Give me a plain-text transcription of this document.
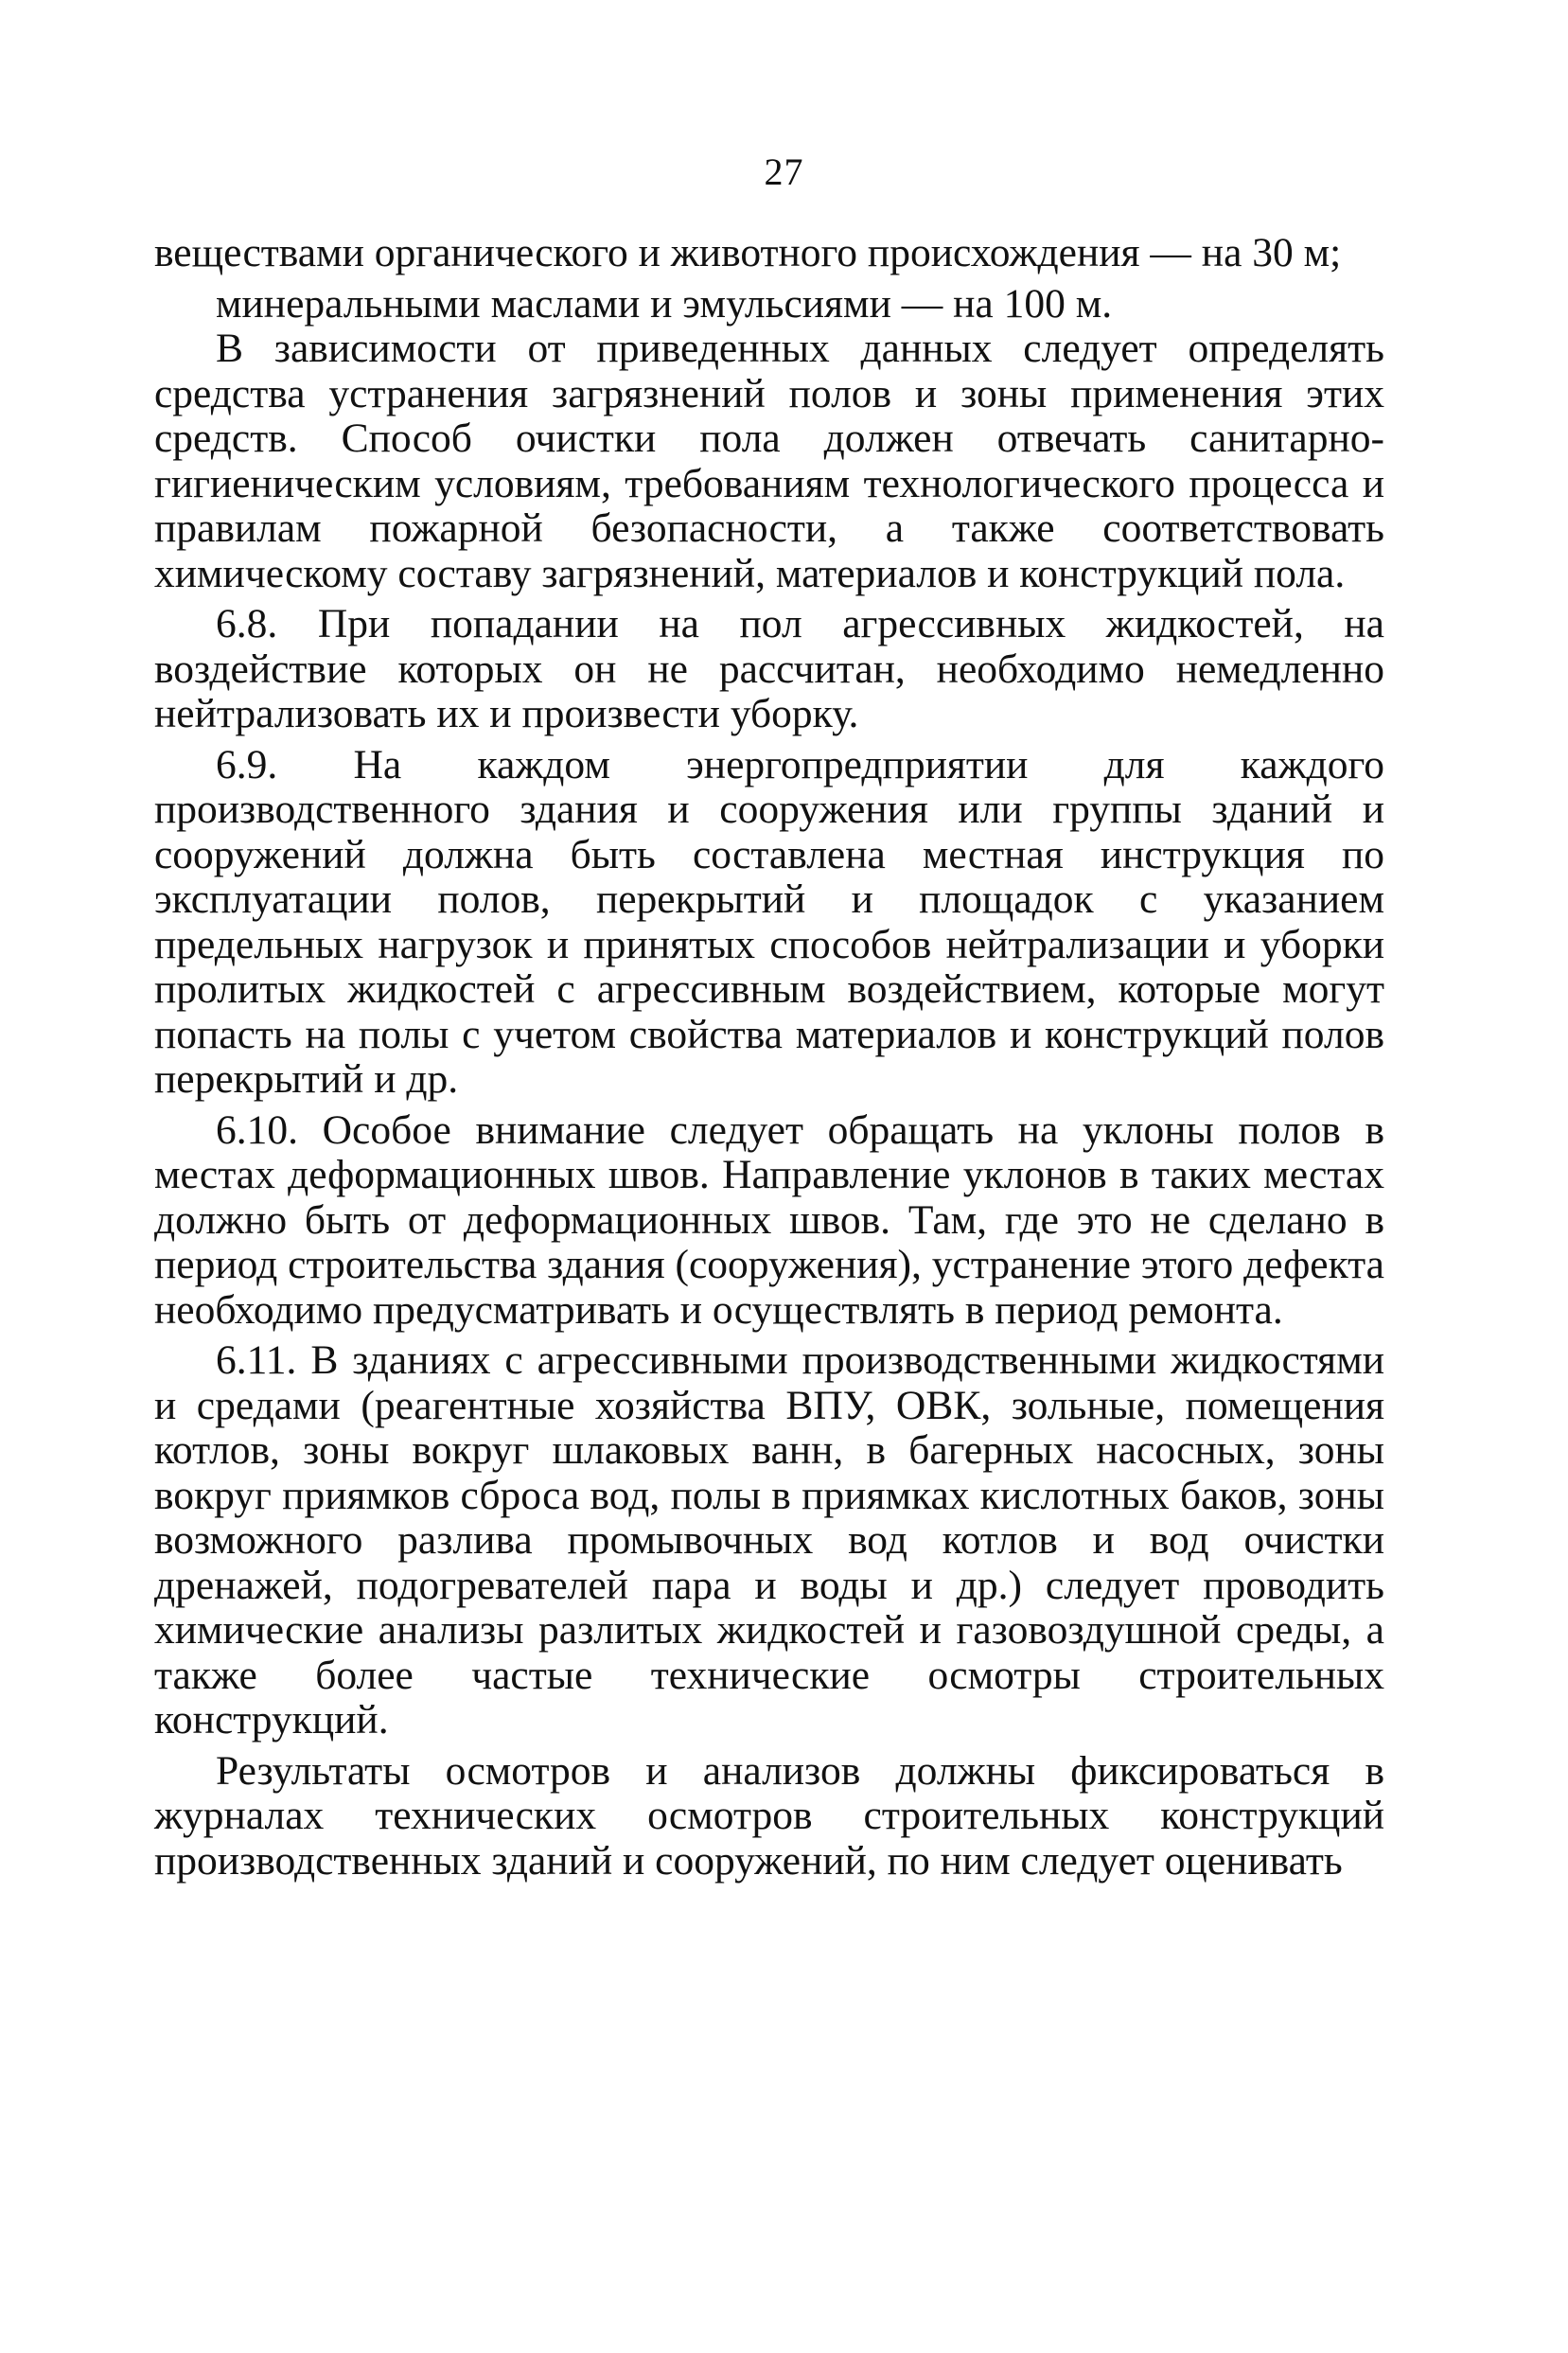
27

веществами органического и животного происхождения — на 30 м;

минеральными маслами и эмульсиями — на 100 м.

В зависимости от приведенных данных следует определять средства устранения загрязнений полов и зоны применения этих средств. Способ очистки пола должен отвечать санитарно-гигиеническим условиям, требованиям технологического процесса и правилам пожарной безопасности, а также соответствовать химическому составу загрязнений, материалов и конструкций пола.

6.8. При попадании на пол агрессивных жидкостей, на воздействие которых он не рассчитан, необходимо немедленно нейтрализовать их и произвести уборку.

6.9. На каждом энергопредприятии для каждого производственного здания и сооружения или группы зданий и сооружений должна быть составлена местная инструкция по эксплуатации полов, перекрытий и площадок с указанием предельных нагрузок и принятых способов нейтрализации и уборки пролитых жидкостей с агрессивным воздействием, которые могут попасть на полы с учетом свойства материалов и конструкций полов перекрытий и др.

6.10. Особое внимание следует обращать на уклоны полов в местах деформационных швов. Направление уклонов в таких местах должно быть от деформационных швов. Там, где это не сделано в период строительства здания (сооружения), устранение этого дефекта необходимо предусматривать и осуществлять в период ремонта.

6.11. В зданиях с агрессивными производственными жидкостями и средами (реагентные хозяйства ВПУ, ОВК, зольные, помещения котлов, зоны вокруг шлаковых ванн, в багерных насосных, зоны вокруг приямков сброса вод, полы в приямках кислотных баков, зоны возможного разлива промывочных вод котлов и вод очистки дренажей, подогревателей пара и воды и др.) следует проводить химические анализы разлитых жидкостей и газовоздушной среды, а также более частые технические осмотры строительных конструкций.

Результаты осмотров и анализов должны фиксироваться в журналах технических осмотров строительных конструкций производственных зданий и сооружений, по ним следует оценивать
